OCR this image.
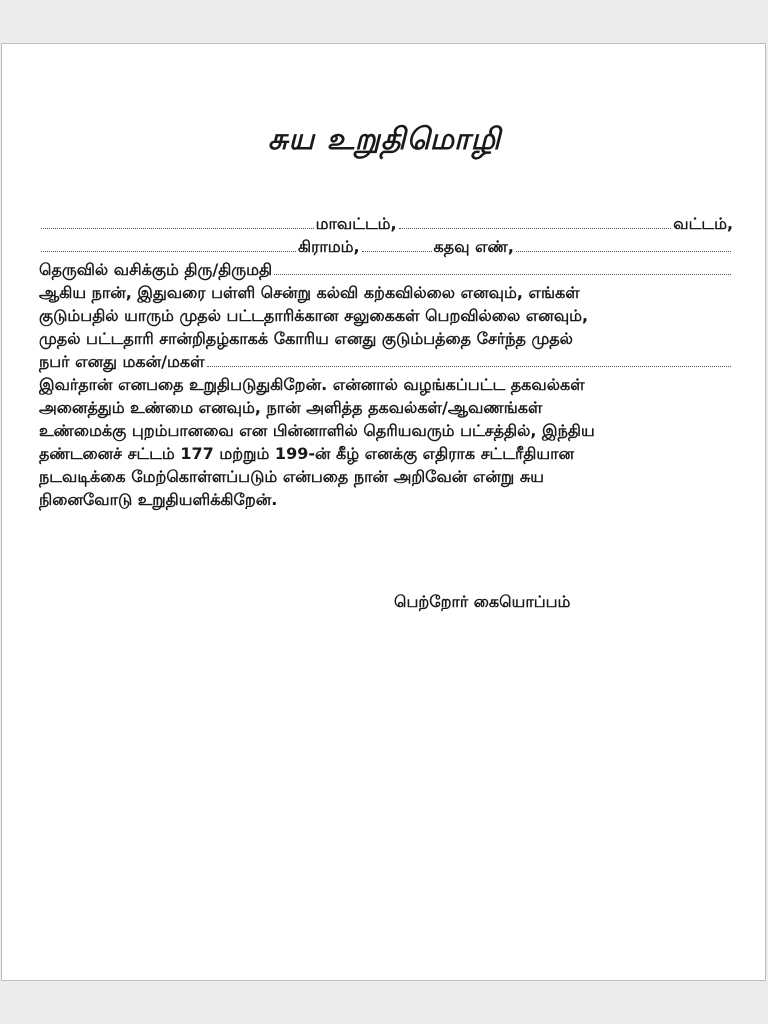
சுய உறுதிமொழி
மாவட்டம்,	வட்டம்,
கிராமம்,	கதவு எண்,
தெருவில் வசிக்கும் திரு/திருமதி
ஆகிய நான், இதுவரை பள்ளி சென்று கல்வி கற்கவில்லை எனவும், எங்கள்
குடும்பதில் யாரும் முதல் பட்டதாரிக்கான சலுகைகள் பெறவில்லை எனவும்,
முதல் பட்டதாரி சான்றிதழ்காகக் கோரிய எனது குடும்பத்தை சேர்ந்த முதல்
நபர் எனது மகன்/மகள்
இவர்தான் எனபதை உறுதிபடுதுகிறேன். என்னால் வழங்கப்பட்ட தகவல்கள்
அனைத்தும் உண்மை எனவும், நான் அளித்த தகவல்கள்/ஆவணங்கள்
உண்மைக்கு புறம்பானவை என பின்னாளில் தெரியவரும் பட்சத்தில், இந்திய
தண்டனைச் சட்டம் 177 மற்றும் 199-ன் கீழ் எனக்கு எதிராக சட்டரீதியான
நடவடிக்கை மேற்கொள்ளப்படும் என்பதை நான் அறிவேன் என்று சுய
நினைவோடு உறுதியளிக்கிறேன்.
பெற்றோர் கையொப்பம்
